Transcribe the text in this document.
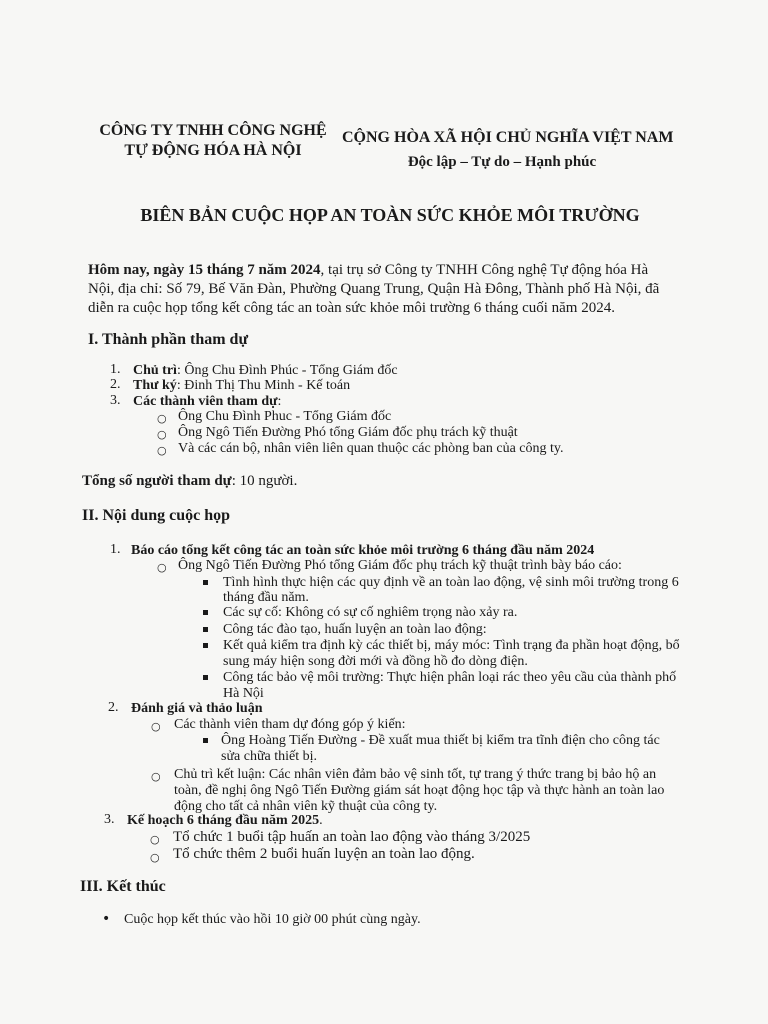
CÔNG TY TNHH CÔNG NGHỆ
TỰ ĐỘNG HÓA HÀ NỘI
CỘNG HÒA XÃ HỘI CHỦ NGHĨA VIỆT NAM
Độc lập – Tự do – Hạnh phúc
BIÊN BẢN CUỘC HỌP AN TOÀN SỨC KHỎE MÔI TRƯỜNG
Hôm nay, ngày 15 tháng 7 năm 2024, tại trụ sở Công ty TNHH Công nghệ Tự động hóa Hà
Nội, địa chỉ: Số 79, Bế Văn Đàn, Phường Quang Trung, Quận Hà Đông, Thành phố Hà Nội, đã
diễn ra cuộc họp tổng kết công tác an toàn sức khỏe môi trường 6 tháng cuối năm 2024.
I. Thành phần tham dự
1. Chủ trì: Ông Chu Đình Phúc - Tổng Giám đốc
2. Thư ký: Đinh Thị Thu Minh - Kế toán
3. Các thành viên tham dự:
○ Ông Chu Đình Phuc - Tổng Giám đốc
○ Ông Ngô Tiến Đường Phó tổng Giám đốc phụ trách kỹ thuật
○ Và các cán bộ, nhân viên liên quan thuộc các phòng ban của công ty.
Tổng số người tham dự: 10 người.
II. Nội dung cuộc họp
1. Báo cáo tổng kết công tác an toàn sức khỏe môi trường 6 tháng đầu năm 2024
○ Ông Ngô Tiến Đường Phó tổng Giám đốc phụ trách kỹ thuật trình bày báo cáo:
Tình hình thực hiện các quy định về an toàn lao động, vệ sinh môi trường trong 6
tháng đầu năm.
Các sự cố: Không có sự cố nghiêm trọng nào xảy ra.
Công tác đào tạo, huấn luyện an toàn lao động:
Kết quả kiểm tra định kỳ các thiết bị, máy móc: Tình trạng đa phần hoạt động, bổ
sung máy hiện song đời mới và đồng hồ đo dòng điện.
Công tác bảo vệ môi trường: Thực hiện phân loại rác theo yêu cầu của thành phố
Hà Nội
2. Đánh giá và thảo luận
○ Các thành viên tham dự đóng góp ý kiến:
Ông Hoàng Tiến Đường - Đề xuất mua thiết bị kiểm tra tĩnh điện cho công tác
sửa chữa thiết bị.
○ Chủ trì kết luận: Các nhân viên đảm bảo vệ sinh tốt, tự trang ý thức trang bị bảo hộ an
toàn, đề nghị ông Ngô Tiến Đường giám sát hoạt động học tập và thực hành an toàn lao
động cho tất cả nhân viên kỹ thuật của công ty.
3. Kế hoạch 6 tháng đầu năm 2025.
○ Tổ chức 1 buổi tập huấn an toàn lao động vào tháng 3/2025
○ Tổ chức thêm 2 buổi huấn luyện an toàn lao động.
III. Kết thúc
• Cuộc họp kết thúc vào hồi 10 giờ 00 phút cùng ngày.
